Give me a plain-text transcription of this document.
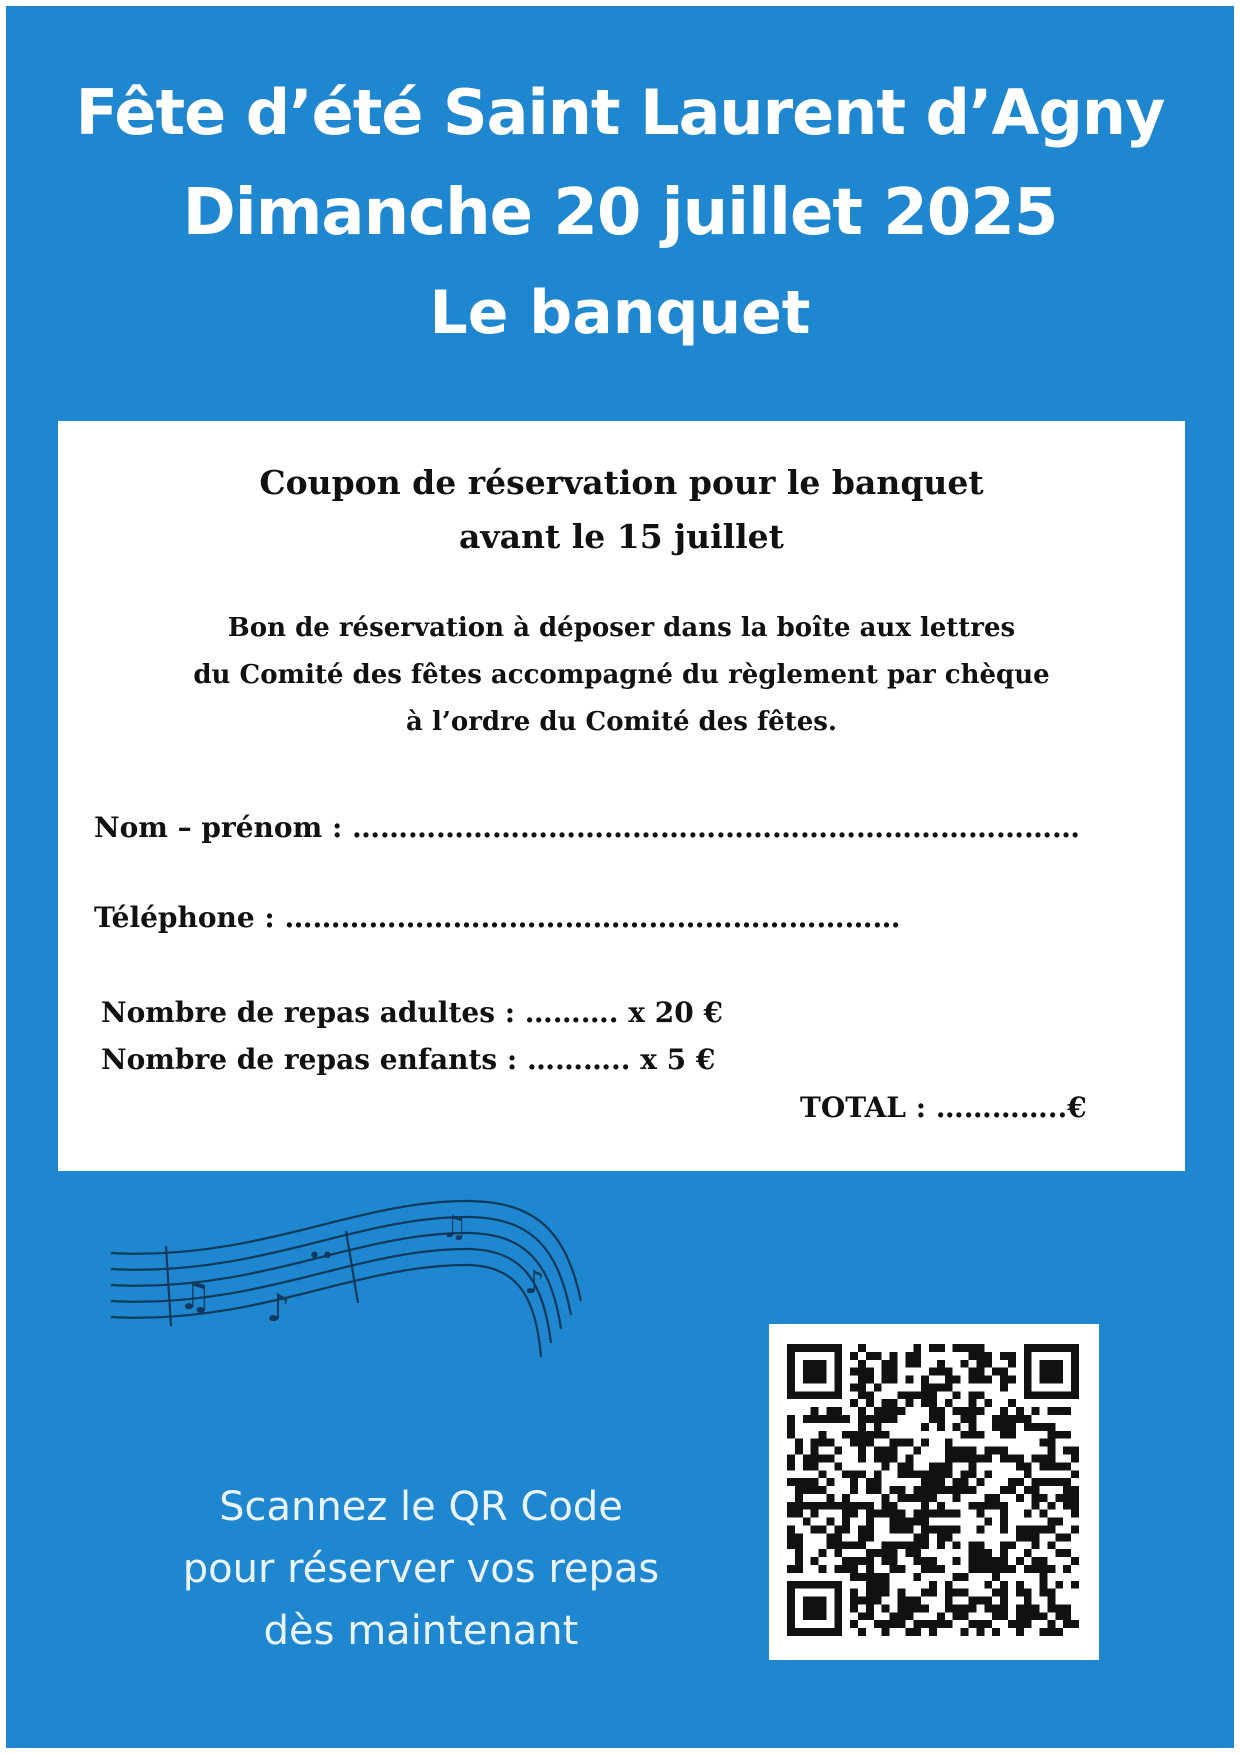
Fête d’été Saint Laurent d’Agny
Dimanche 20 juillet 2025
Le banquet
Coupon de réservation pour le banquet
avant le 15 juillet
Bon de réservation à déposer dans la boîte aux lettres
du Comité des fêtes accompagné du règlement par chèque
à l’ordre du Comité des fêtes.
Nom – prénom : ……………………………………………………………………
Téléphone : …………………………………………………………
Nombre de repas adultes : ………. x 20 €
Nombre de repas enfants : ……….. x 5 €
TOTAL : …………..€
♫ ♪
••
♫
♪
Scannez le QR Code
pour réserver vos repas
dès maintenant
